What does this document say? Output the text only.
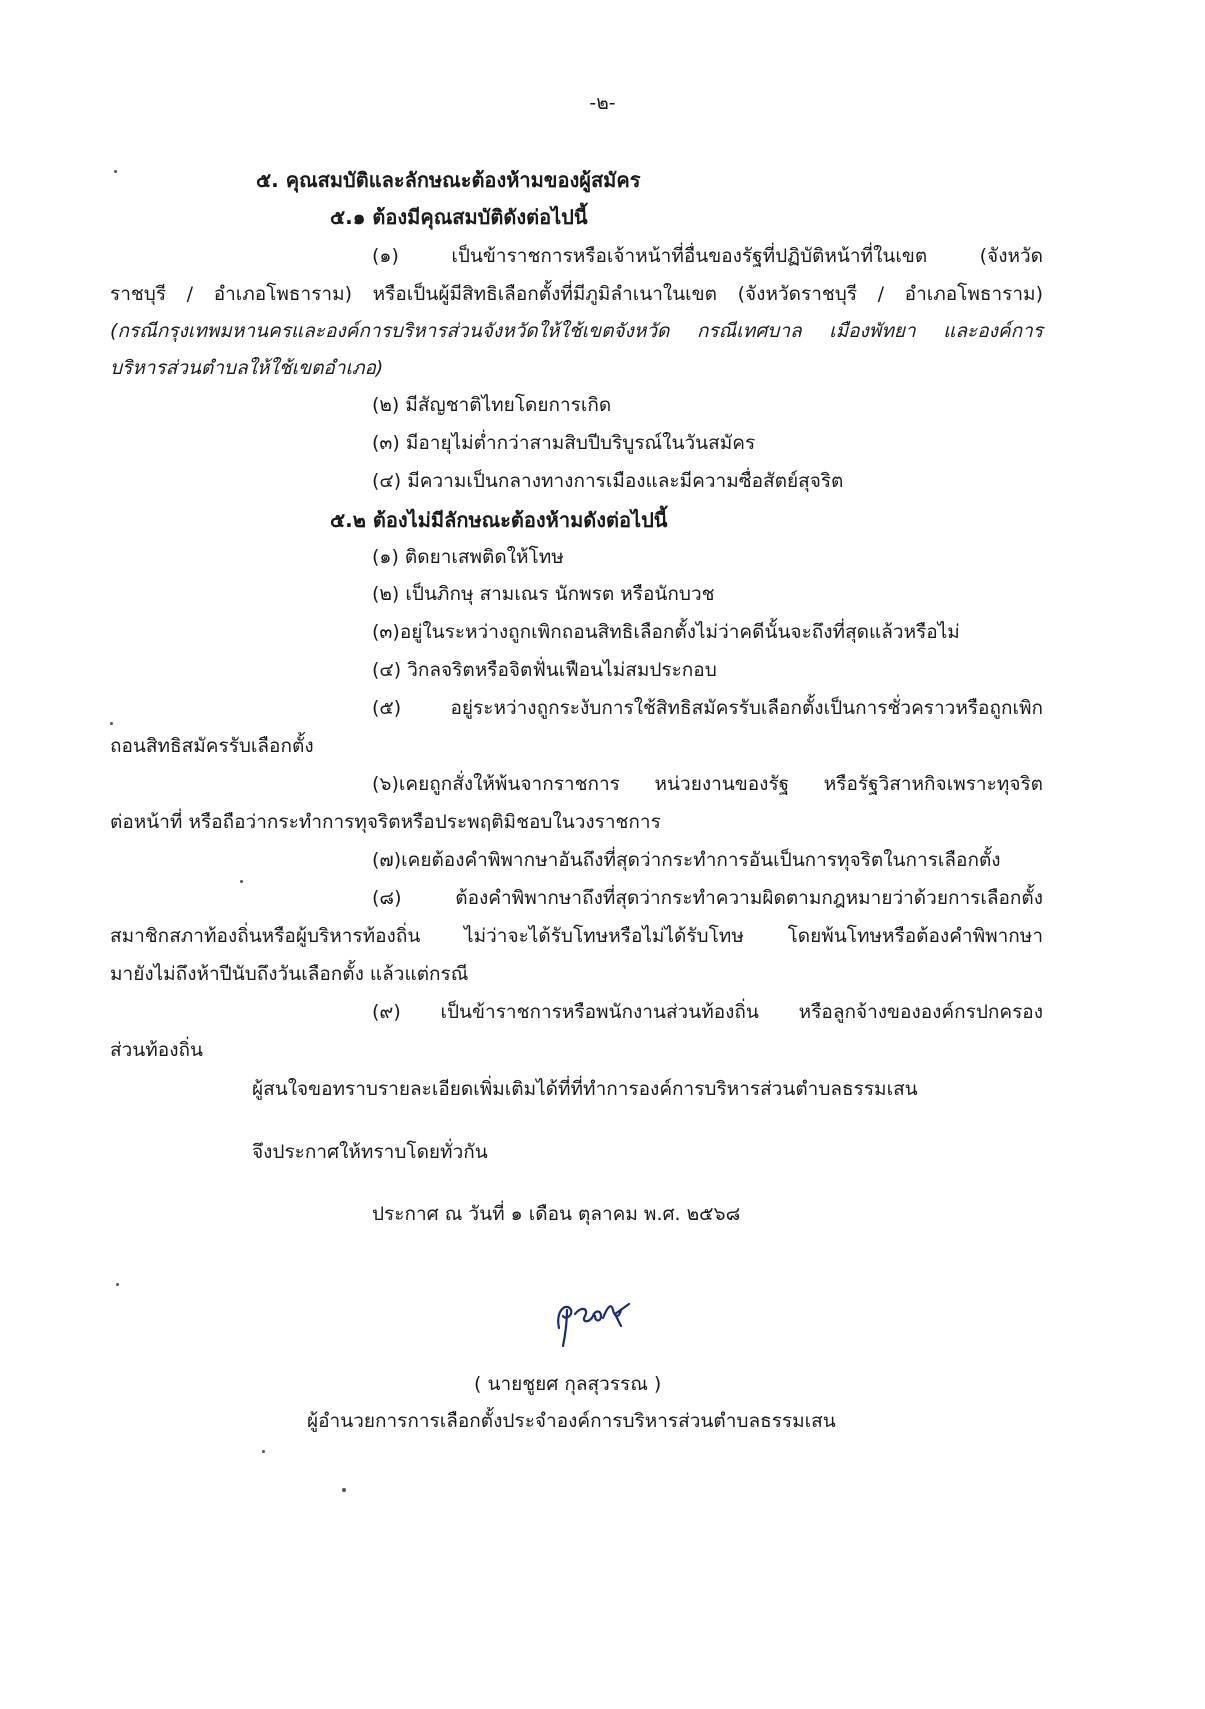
-๒-
๕. คุณสมบัติและลักษณะต้องห้ามของผู้สมัคร
๕.๑ ต้องมีคุณสมบัติดังต่อไปนี้
(๑) เป็นข้าราชการหรือเจ้าหน้าที่อื่นของรัฐที่ปฏิบัติหน้าที่ในเขต (จังหวัด
ราชบุรี / อำเภอโพธาราม) หรือเป็นผู้มีสิทธิเลือกตั้งที่มีภูมิลำเนาในเขต (จังหวัดราชบุรี / อำเภอโพธาราม)
(กรณีกรุงเทพมหานครและองค์การบริหารส่วนจังหวัดให้ใช้เขตจังหวัด กรณีเทศบาล เมืองพัทยา และองค์การ
บริหารส่วนตำบลให้ใช้เขตอำเภอ)
(๒) มีสัญชาติไทยโดยการเกิด
(๓) มีอายุไม่ต่ำกว่าสามสิบปีบริบูรณ์ในวันสมัคร
(๔) มีความเป็นกลางทางการเมืองและมีความซื่อสัตย์สุจริต
๕.๒ ต้องไม่มีลักษณะต้องห้ามดังต่อไปนี้
(๑) ติดยาเสพติดให้โทษ
(๒) เป็นภิกษุ สามเณร นักพรต หรือนักบวช
(๓)อยู่ในระหว่างถูกเพิกถอนสิทธิเลือกตั้งไม่ว่าคดีนั้นจะถึงที่สุดแล้วหรือไม่
(๔) วิกลจริตหรือจิตฟั่นเฟือนไม่สมประกอบ
(๕) อยู่ระหว่างถูกระงับการใช้สิทธิสมัครรับเลือกตั้งเป็นการชั่วคราวหรือถูกเพิก
ถอนสิทธิสมัครรับเลือกตั้ง
(๖)เคยถูกสั่งให้พ้นจากราชการ หน่วยงานของรัฐ หรือรัฐวิสาหกิจเพราะทุจริต
ต่อหน้าที่ หรือถือว่ากระทำการทุจริตหรือประพฤติมิชอบในวงราชการ
(๗)เคยต้องคำพิพากษาอันถึงที่สุดว่ากระทำการอันเป็นการทุจริตในการเลือกตั้ง
(๘) ต้องคำพิพากษาถึงที่สุดว่ากระทำความผิดตามกฎหมายว่าด้วยการเลือกตั้ง
สมาชิกสภาท้องถิ่นหรือผู้บริหารท้องถิ่น ไม่ว่าจะได้รับโทษหรือไม่ได้รับโทษ โดยพ้นโทษหรือต้องคำพิพากษา
มายังไม่ถึงห้าปีนับถึงวันเลือกตั้ง แล้วแต่กรณี
(๙) เป็นข้าราชการหรือพนักงานส่วนท้องถิ่น หรือลูกจ้างขององค์กรปกครอง
ส่วนท้องถิ่น
ผู้สนใจขอทราบรายละเอียดเพิ่มเติมได้ที่ที่ทำการองค์การบริหารส่วนตำบลธรรมเสน
จึงประกาศให้ทราบโดยทั่วกัน
ประกาศ ณ วันที่ ๑ เดือน ตุลาคม พ.ศ. ๒๕๖๘
( นายชูยศ กุลสุวรรณ )
ผู้อำนวยการการเลือกตั้งประจำองค์การบริหารส่วนตำบลธรรมเสน
